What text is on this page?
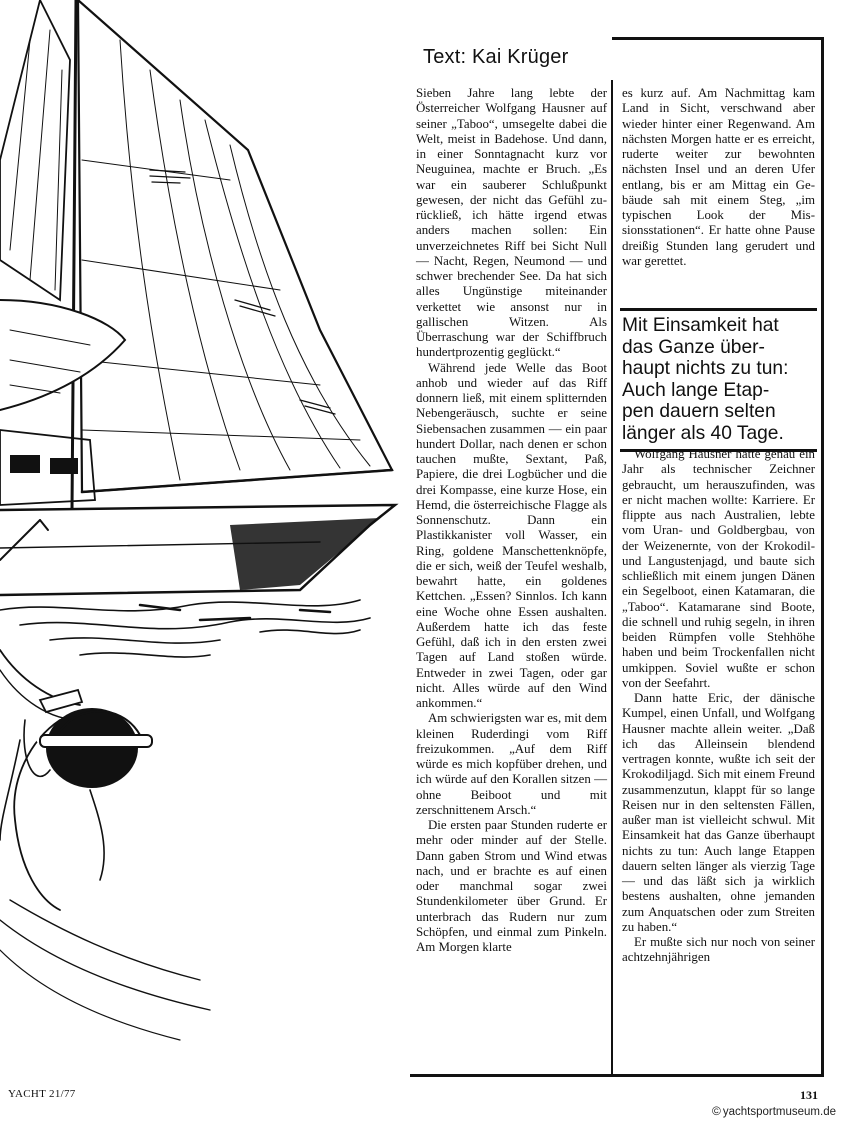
Text: Kai Krüger

Sieben Jahre lang lebte der Österreicher Wolfgang Hausner auf seiner „Taboo“, umsegelte dabei die Welt, meist in Badehose. Und dann, in einer Sonntagnacht kurz vor Neuguinea, machte er Bruch. „Es war ein sauberer Schlußpunkt gewesen, der nicht das Gefühl zurückließ, ich hätte irgend etwas anders machen sollen: Ein unverzeichnetes Riff bei Sicht Null — Nacht, Regen, Neumond — und schwer brechender See. Da hat sich alles Ungünstige miteinander verkettet wie ansonst nur in gallischen Witzen. Als Überraschung war der Schiffbruch hundertprozentig geglückt.“

Während jede Welle das Boot anhob und wieder auf das Riff donnern ließ, mit einem splitternden Nebengeräusch, suchte er seine Siebensachen zusammen — ein paar hundert Dollar, nach denen er schon tauchen mußte, Sextant, Paß, Papiere, die drei Logbücher und die drei Kompasse, eine kurze Hose, ein Hemd, die österreichische Flagge als Sonnenschutz. Dann ein Plastikkanister voll Wasser, ein Ring, goldene Manschettenknöpfe, die er sich, weiß der Teufel weshalb, bewahrt hatte, ein goldenes Kettchen. „Essen? Sinnlos. Ich kann eine Woche ohne Essen aushalten. Außerdem hatte ich das feste Gefühl, daß ich in den ersten zwei Tagen auf Land stoßen würde. Entweder in zwei Tagen, oder gar nicht. Alles würde auf den Wind ankommen.“

Am schwierigsten war es, mit dem kleinen Ruderdingi vom Riff freizukommen. „Auf dem Riff würde es mich kopfüber drehen, und ich würde auf den Korallen sitzen — ohne Beiboot und mit zerschnittenem Arsch.“

Die ersten paar Stunden ruderte er mehr oder minder auf der Stelle. Dann gaben Strom und Wind etwas nach, und er brachte es auf einen oder manchmal sogar zwei Stundenkilometer über Grund. Er unterbrach das Rudern nur zum Schöpfen, und einmal zum Pinkeln. Am Morgen klarte

es kurz auf. Am Nachmittag kam Land in Sicht, verschwand aber wieder hinter einer Regenwand. Am nächsten Morgen hatte er es erreicht, ruderte weiter zur bewohnten nächsten Insel und an deren Ufer entlang, bis er am Mittag ein Gebäude sah mit einem Steg, „im typischen Look der Missionsstationen“. Er hatte ohne Pause dreißig Stunden lang gerudert und war gerettet.

Mit Einsamkeit hat
das Ganze über-
haupt nichts zu tun:
Auch lange Etap-
pen dauern selten
länger als 40 Tage.

Wolfgang Hausner hatte genau ein Jahr als technischer Zeichner gebraucht, um herauszufinden, was er nicht machen wollte: Karriere. Er flippte aus nach Australien, lebte vom Uran- und Goldbergbau, von der Weizenernte, von der Krokodil- und Langustenjagd, und baute sich schließlich mit einem jungen Dänen ein Segelboot, einen Katamaran, die „Taboo“. Katamarane sind Boote, die schnell und ruhig segeln, in ihren beiden Rümpfen volle Stehhöhe haben und beim Trockenfallen nicht umkippen. Soviel wußte er schon von der Seefahrt.

Dann hatte Eric, der dänische Kumpel, einen Unfall, und Wolfgang Hausner machte allein weiter. „Daß ich das Alleinsein blendend vertragen konnte, wußte ich seit der Krokodiljagd. Sich mit einem Freund zusammenzutun, klappt für so lange Reisen nur in den seltensten Fällen, außer man ist vielleicht schwul. Mit Einsamkeit hat das Ganze überhaupt nichts zu tun: Auch lange Etappen dauern selten länger als vierzig Tage — und das läßt sich ja wirklich bestens aushalten, ohne jemanden zum Anquatschen oder zum Streiten zu haben.“

Er mußte sich nur noch von seiner achtzehnjährigen

YACHT 21/77	131
© yachtsportmuseum.de
